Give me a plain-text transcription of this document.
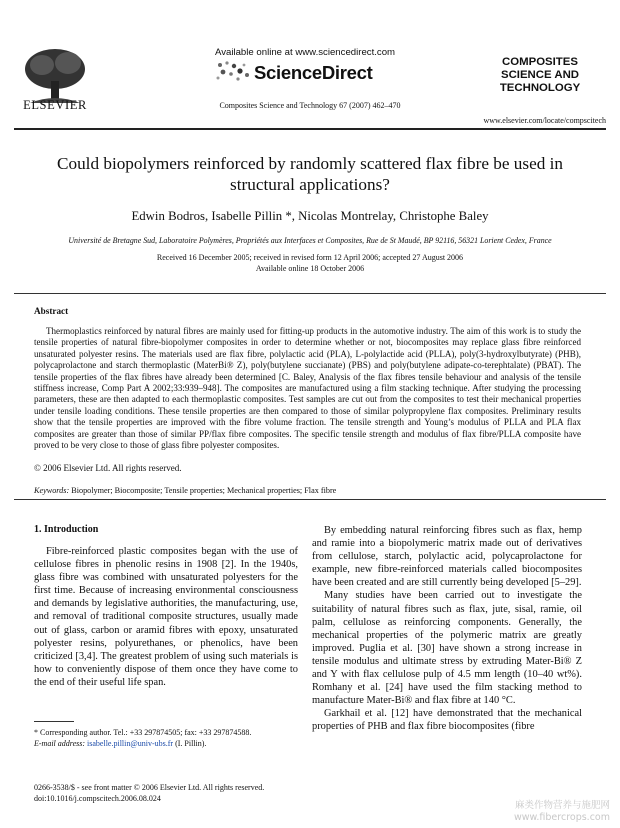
ELSEVIER
Available online at www.sciencedirect.com
ScienceDirect
Composites Science and Technology 67 (2007) 462–470
COMPOSITES
SCIENCE AND
TECHNOLOGY
www.elsevier.com/locate/compscitech
Could biopolymers reinforced by randomly scattered flax fibre be used in structural applications?
Edwin Bodros, Isabelle Pillin *, Nicolas Montrelay, Christophe Baley
Université de Bretagne Sud, Laboratoire Polymères, Propriétés aux Interfaces et Composites, Rue de St Maudé, BP 92116, 56321 Lorient Cedex, France
Received 16 December 2005; received in revised form 12 April 2006; accepted 27 August 2006
Available online 18 October 2006
Abstract

Thermoplastics reinforced by natural fibres are mainly used for fitting-up products in the automotive industry. The aim of this work is to study the tensile properties of natural fibre-biopolymer composites in order to determine whether or not, biocomposites may replace glass fibre reinforced unsaturated polyester resins. The materials used are flax fibre, polylactic acid (PLA), L-polylactide acid (PLLA), poly(3-hydroxylbutyrate) (PHB), polycaprolactone and starch thermoplastic (MaterBi® Z), poly(butylene succianate) (PBS) and poly(butylene adipate-co-terephtalate) (PBAT). The tensile properties of the flax fibres have already been determined [C. Baley, Analysis of the flax fibres tensile behaviour and analysis of the tensile stiffness increase, Comp Part A 2002;33:939–948]. The composites are manufactured using a film stacking technique. After studying the processing parameters, these are then adapted to each thermoplastic composites. Test samples are cut out from the composites to test their mechanical properties under tensile loading conditions. These tensile properties are then compared to those of similar polypropylene flax composites. Preliminary results show that the tensile properties are improved with the fibre volume fraction. The tensile strength and Young’s modulus of PLLA and PLA flax composites are greater than those of similar PP/flax fibre composites. The specific tensile strength and modulus of flax fibre/PLLA composite have proved to be very close to those of glass fibre polyester composites.

© 2006 Elsevier Ltd. All rights reserved.
Keywords: Biopolymer; Biocomposite; Tensile properties; Mechanical properties; Flax fibre
1. Introduction

Fibre-reinforced plastic composites began with the use of cellulose fibres in phenolic resins in 1908 [2]. In the 1940s, glass fibre was combined with unsaturated polyesters for the first time. Because of increasing environmental consciousness and demands by legislative authorities, the manufacturing, use, and removal of traditional composite structures, usually made out of glass, carbon or aramid fibres with epoxy, unsaturated polyester resins, polyurethanes, or phenolics, have been criticized [3,4]. The greatest problem of using such materials is how to conveniently dispose of them once they have come to the end of their useful life span.

By embedding natural reinforcing fibres such as flax, hemp and ramie into a biopolymeric matrix made out of derivatives from cellulose, starch, polylactic acid, polycaprolactone for example, new fibre-reinforced materials called biocomposites have been created and are still currently being developed [5–29].

Many studies have been carried out to investigate the suitability of natural fibres such as flax, jute, sisal, ramie, oil palm, cellulose as reinforcing components. Generally, the mechanical properties of the polymeric matrix are greatly improved. Puglia et al. [30] have shown a strong increase in tensile modulus and ultimate stress by extruding Mater-Bi® Z and Y with flax cellulose pulp of 4.5 mm length (10–40 wt%). Romhany et al. [24] have used the film stacking method to manufacture Mater-Bi® and flax fibre at 140 °C.

Garkhail et al. [12] have demonstrated that the mechanical properties of PHB and flax fibre biocomposites (fibre

* Corresponding author. Tel.: +33 297874505; fax: +33 297874588.
E-mail address: isabelle.pillin@univ-ubs.fr (I. Pillin).
0266-3538/$ - see front matter © 2006 Elsevier Ltd. All rights reserved.
doi:10.1016/j.compscitech.2006.08.024
麻类作物营养与施肥网
www.fibercrops.com
